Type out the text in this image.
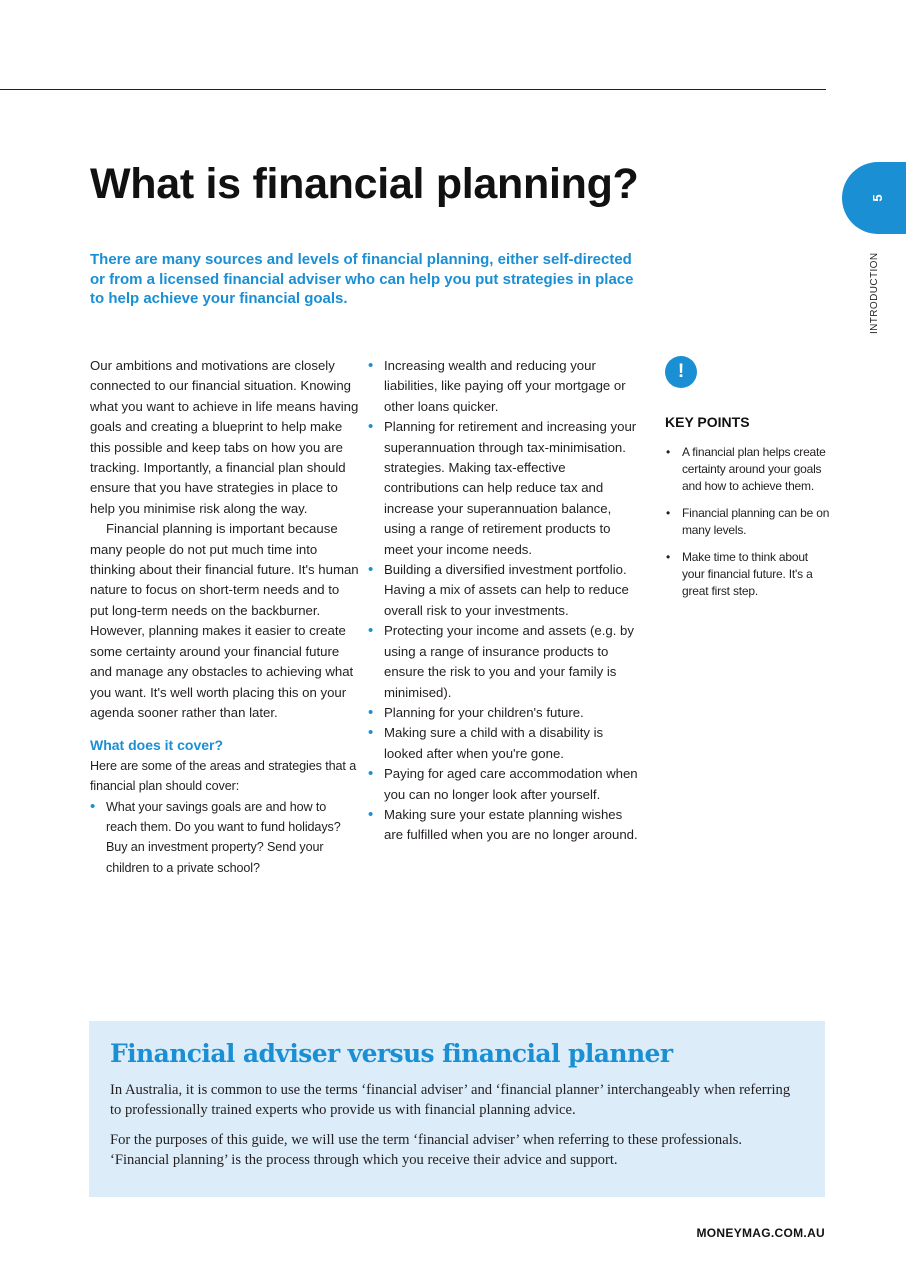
5
INTRODUCTION
What is financial planning?

There are many sources and levels of financial planning, either self-directed or from a licensed financial adviser who can help you put strategies in place to help achieve your financial goals.

Our ambitions and motivations are closely connected to our financial situation. Knowing what you want to achieve in life means having goals and creating a blueprint to help make this possible and keep tabs on how you are tracking. Importantly, a financial plan should ensure that you have strategies in place to help you minimise risk along the way.

Financial planning is important because many people do not put much time into thinking about their financial future. It's human nature to focus on short-term needs and to put long-term needs on the backburner. However, planning makes it easier to create some certainty around your financial future and manage any obstacles to achieving what you want. It's well worth placing this on your agenda sooner rather than later.

What does it cover?

Here are some of the areas and strategies that a financial plan should cover:

• What your savings goals are and how to reach them. Do you want to fund holidays? Buy an investment property? Send your children to a private school?
• Increasing wealth and reducing your liabilities, like paying off your mortgage or other loans quicker.
• Planning for retirement and increasing your superannuation through tax-minimisation. strategies. Making tax-effective contributions can help reduce tax and increase your superannuation balance, using a range of retirement products to meet your income needs.
• Building a diversified investment portfolio. Having a mix of assets can help to reduce overall risk to your investments.
• Protecting your income and assets (e.g. by using a range of insurance products to ensure the risk to you and your family is minimised).
• Planning for your children's future.
• Making sure a child with a disability is looked after when you're gone.
• Paying for aged care accommodation when you can no longer look after yourself.
• Making sure your estate planning wishes are fulfilled when you are no longer around.
!

KEY POINTS

• A financial plan helps create certainty around your goals and how to achieve them.
• Financial planning can be on many levels.
• Make time to think about your financial future. It's a great first step.
Financial adviser versus financial planner

In Australia, it is common to use the terms ‘financial adviser’ and ‘financial planner’ interchangeably when referring to professionally trained experts who provide us with financial planning advice.

For the purposes of this guide, we will use the term ‘financial adviser’ when referring to these professionals. ‘Financial planning’ is the process through which you receive their advice and support.

MONEYMAG.COM.AU
